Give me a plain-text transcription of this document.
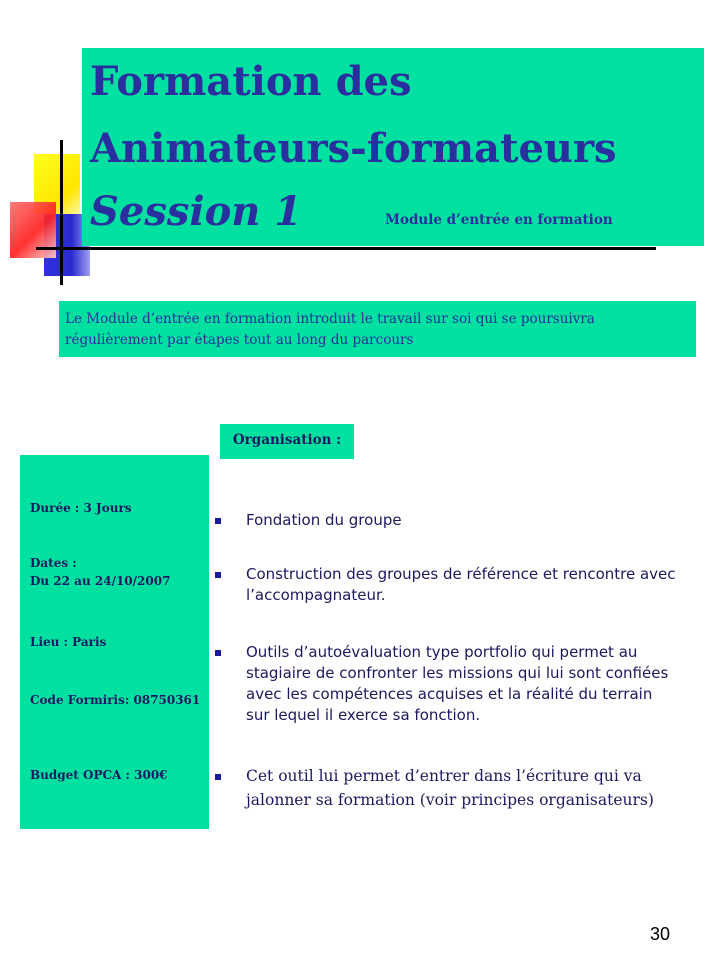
Formation des
Animateurs-formateurs
Session 1	Module d’entrée en formation
Le Module d’entrée en formation introduit le travail sur soi qui se poursuivra régulièrement par étapes tout au long du parcours
Organisation :
Durée : 3 Jours
Dates :
Du 22 au 24/10/2007
Lieu : Paris
Code Formiris: 08750361
Budget OPCA : 300€
Fondation du groupe
Construction des groupes de référence et rencontre avec l’accompagnateur.
Outils d’autoévaluation type portfolio qui permet au stagiaire de confronter les missions qui lui sont confiées avec les compétences acquises et la réalité du terrain sur lequel il exerce sa fonction.
Cet outil lui permet d’entrer dans l’écriture qui va jalonner sa formation (voir principes organisateurs)
30
